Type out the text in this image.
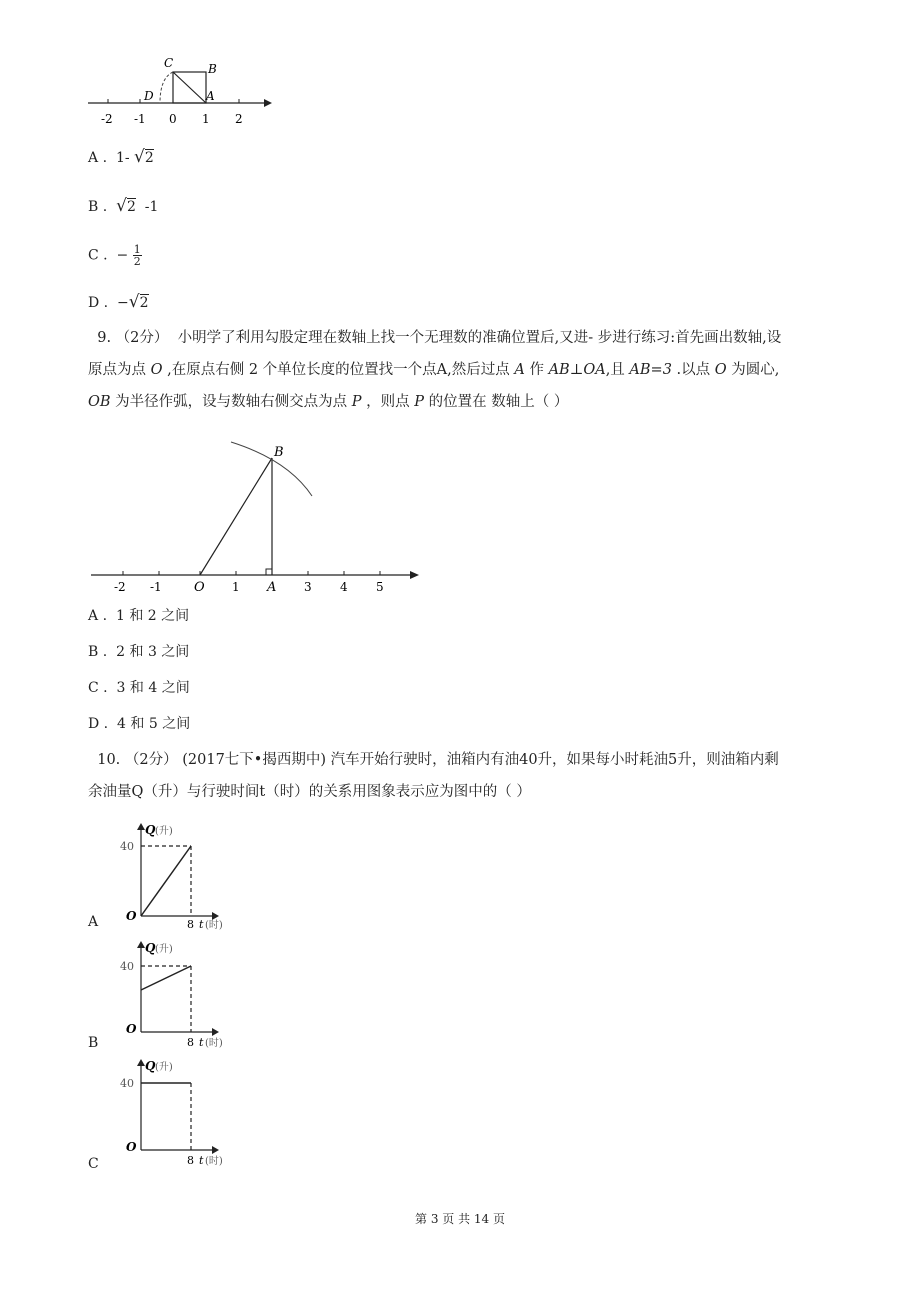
C	B
D	A
-2 -1 0 1 2
A .  1- √2
B .  √2 -1
C .  − $\frac{1}{2}$
D .  −√2
9. （2分） 小明学了利用勾股定理在数轴上找一个无理数的准确位置后,又进- 步进行练习:首先画出数轴,设
原点为点 O ,在原点右侧 2 个单位长度的位置找一个点A,然后过点 A 作 AB⊥OA,且 AB=3 .以点 O 为圆心,
OB 为半径作弧，设与数轴右侧交点为点 P ，则点 P 的位置在 数轴上（ ）
B
O	A
-2 -1	1	3 4 5
A .  1 和 2 之间
B .  2 和 3 之间
C .  3 和 4 之间
D .  4 和 5 之间
10. （2分） (2017七下•揭西期中) 汽车开始行驶时，油箱内有油40升，如果每小时耗油5升，则油箱内剩
余油量Q（升）与行驶时间t（时）的关系用图象表示应为图中的（ ）
Q (升)
40
O
8 t (时)
A
Q (升)
40
O
8 t (时)
B
Q (升)
40
O
8 t (时)
C
第 3 页 共 14 页
